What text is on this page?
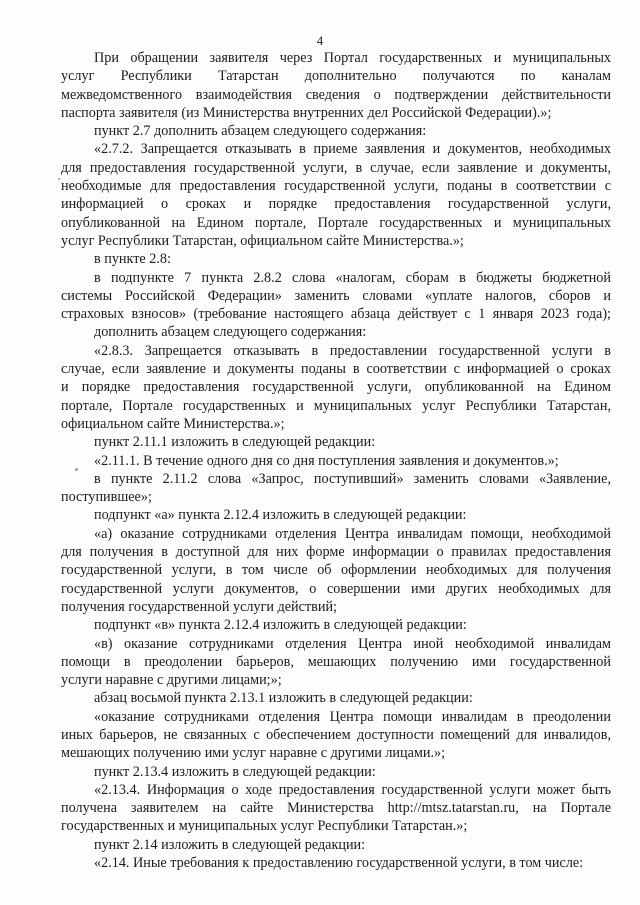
4
При обращении заявителя через Портал государственных и муниципальных
услуг Республики Татарстан дополнительно получаются по каналам
межведомственного взаимодействия сведения о подтверждении действительности
паспорта заявителя (из Министерства внутренних дел Российской Федерации).»;
пункт 2.7 дополнить абзацем следующего содержания:
«2.7.2. Запрещается отказывать в приеме заявления и документов, необходимых
для предоставления государственной услуги, в случае, если заявление и документы,
необходимые для предоставления государственной услуги, поданы в соответствии с
информацией о сроках и порядке предоставления государственной услуги,
опубликованной на Едином портале, Портале государственных и муниципальных
услуг Республики Татарстан, официальном сайте Министерства.»;
в пункте 2.8:
в подпункте 7 пункта 2.8.2 слова «налогам, сборам в бюджеты бюджетной
системы Российской Федерации» заменить словами «уплате налогов, сборов и
страховых взносов» (требование настоящего абзаца действует с 1 января 2023 года);
дополнить абзацем следующего содержания:
«2.8.3. Запрещается отказывать в предоставлении государственной услуги в
случае, если заявление и документы поданы в соответствии с информацией о сроках
и порядке предоставления государственной услуги, опубликованной на Едином
портале, Портале государственных и муниципальных услуг Республики Татарстан,
официальном сайте Министерства.»;
пункт 2.11.1 изложить в следующей редакции:
«2.11.1. В течение одного дня со дня поступления заявления и документов.»;
в пункте 2.11.2 слова «Запрос, поступивший» заменить словами «Заявление,
поступившее»;
подпункт «а» пункта 2.12.4 изложить в следующей редакции:
«а) оказание сотрудниками отделения Центра инвалидам помощи, необходимой
для получения в доступной для них форме информации о правилах предоставления
государственной услуги, в том числе об оформлении необходимых для получения
государственной услуги документов, о совершении ими других необходимых для
получения государственной услуги действий;
подпункт «в» пункта 2.12.4 изложить в следующей редакции:
«в) оказание сотрудниками отделения Центра иной необходимой инвалидам
помощи в преодолении барьеров, мешающих получению ими государственной
услуги наравне с другими лицами;»;
абзац восьмой пункта 2.13.1 изложить в следующей редакции:
«оказание сотрудниками отделения Центра помощи инвалидам в преодолении
иных барьеров, не связанных с обеспечением доступности помещений для инвалидов,
мешающих получению ими услуг наравне с другими лицами.»;
пункт 2.13.4 изложить в следующей редакции:
«2.13.4. Информация о ходе предоставления государственной услуги может быть
получена заявителем на сайте Министерства http://mtsz.tatarstan.ru, на Портале
государственных и муниципальных услуг Республики Татарстан.»;
пункт 2.14 изложить в следующей редакции:
«2.14. Иные требования к предоставлению государственной услуги, в том числе:
